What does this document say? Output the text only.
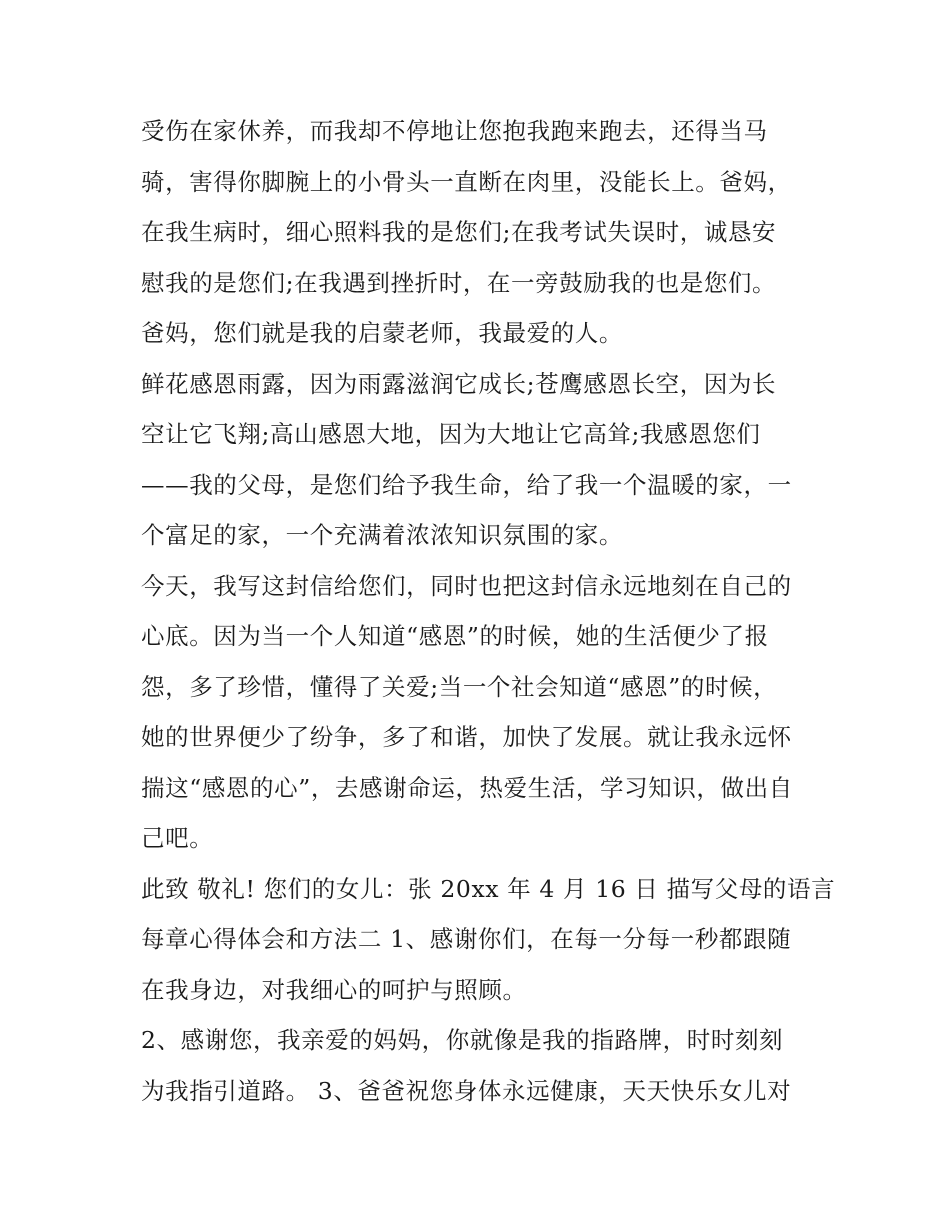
受伤在家休养，而我却不停地让您抱我跑来跑去，还得当马
骑，害得你脚腕上的小骨头一直断在肉里，没能长上。爸妈，
在我生病时，细心照料我的是您们;在我考试失误时，诚恳安
慰我的是您们;在我遇到挫折时，在一旁鼓励我的也是您们。
爸妈，您们就是我的启蒙老师，我最爱的人。

鲜花感恩雨露，因为雨露滋润它成长;苍鹰感恩长空，因为长
空让它飞翔;高山感恩大地，因为大地让它高耸;我感恩您们
——我的父母，是您们给予我生命，给了我一个温暖的家，一
个富足的家，一个充满着浓浓知识氛围的家。

今天，我写这封信给您们，同时也把这封信永远地刻在自己的
心底。因为当一个人知道“感恩”的时候，她的生活便少了报
怨，多了珍惜，懂得了关爱;当一个社会知道“感恩”的时候，
她的世界便少了纷争，多了和谐，加快了发展。就让我永远怀
揣这“感恩的心”，去感谢命运，热爱生活，学习知识，做出自
己吧。

此致 敬礼! 您们的女儿：张 20xx 年 4 月 16 日 描写父母的语言
每章心得体会和方法二 1、感谢你们，在每一分每一秒都跟随
在我身边，对我细心的呵护与照顾。

2、感谢您，我亲爱的妈妈，你就像是我的指路牌，时时刻刻
为我指引道路。 3、爸爸祝您身体永远健康，天天快乐女儿对
